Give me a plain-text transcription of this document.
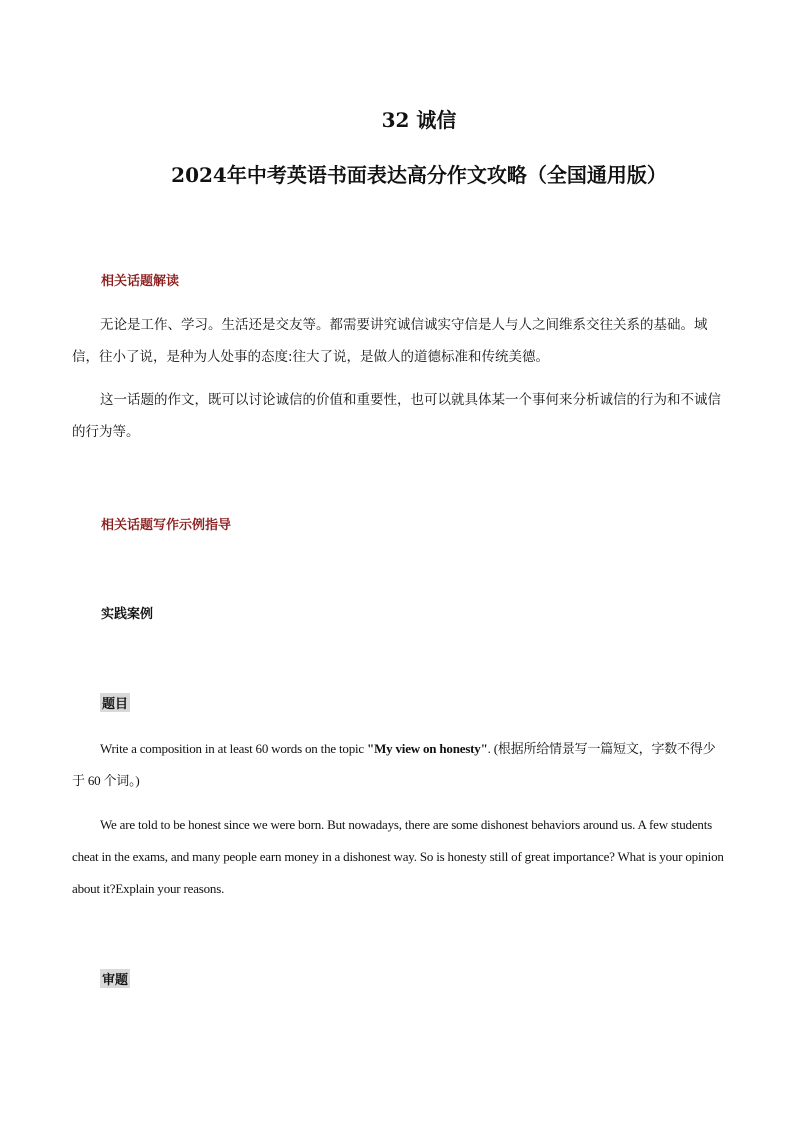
32 诚信
2024年中考英语书面表达高分作文攻略（全国通用版）
相关话题解读
无论是工作、学习。生活还是交友等。都需要讲究诚信诚实守信是人与人之间维系交往关系的基础。域信，往小了说，是种为人处事的态度:往大了说，是做人的道德标准和传统美德。
这一话题的作文，既可以讨论诚信的价值和重要性，也可以就具体某一个事何来分析诚信的行为和不诚信的行为等。
相关话题写作示例指导
实践案例
题目
Write a composition in at least 60 words on the topic "My view on honesty". (根据所给情景写一篇短文，字数不得少于 60 个词。)
We are told to be honest since we were born. But nowadays, there are some dishonest behaviors around us. A few students cheat in the exams, and many people earn money in a dishonest way. So is honesty still of great importance? What is your opinion about it?Explain your reasons.
审题
